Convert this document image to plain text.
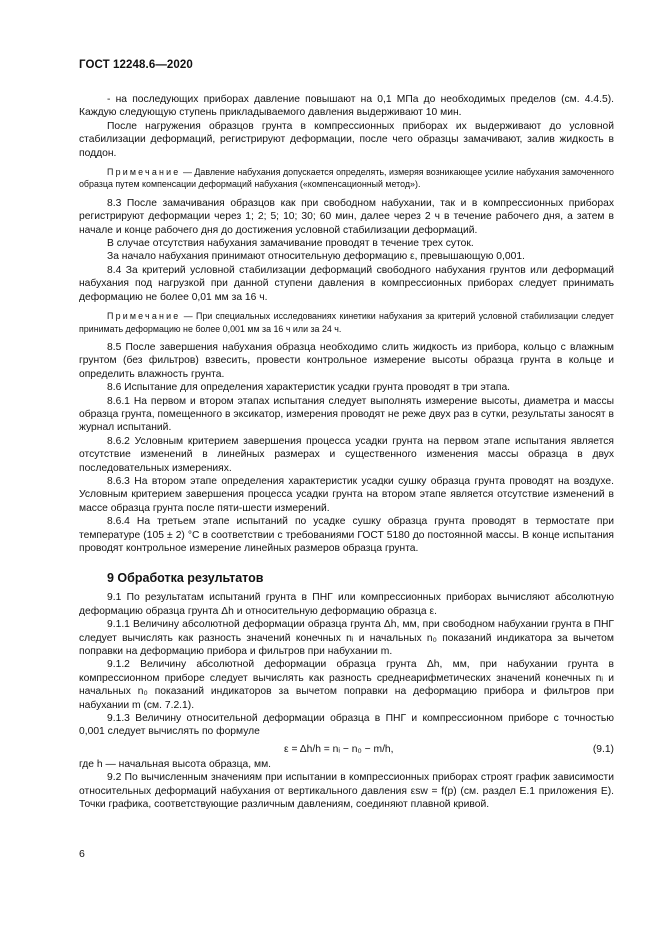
ГОСТ 12248.6—2020

- на последующих приборах давление повышают на 0,1 МПа до необходимых пределов (см. 4.4.5). Каждую следующую ступень прикладываемого давления выдерживают 10 мин.

После нагружения образцов грунта в компрессионных приборах их выдерживают до условной стабилизации деформаций, регистрируют деформации, после чего образцы замачивают, залив жидкость в поддон.

Примечание — Давление набухания допускается определять, измеряя возникающее усилие набухания замоченного образца путем компенсации деформаций набухания («компенсационный метод»).

8.3 После замачивания образцов как при свободном набухании, так и в компрессионных приборах регистрируют деформации через 1; 2; 5; 10; 30; 60 мин, далее через 2 ч в течение рабочего дня, а затем в начале и конце рабочего дня до достижения условной стабилизации деформаций.

В случае отсутствия набухания замачивание проводят в течение трех суток.

За начало набухания принимают относительную деформацию ε, превышающую 0,001.

8.4 За критерий условной стабилизации деформаций свободного набухания грунтов или деформаций набухания под нагрузкой при данной ступени давления в компрессионных приборах следует принимать деформацию не более 0,01 мм за 16 ч.

Примечание — При специальных исследованиях кинетики набухания за критерий условной стабилизации следует принимать деформацию не более 0,001 мм за 16 ч или за 24 ч.

8.5 После завершения набухания образца необходимо слить жидкость из прибора, кольцо с влажным грунтом (без фильтров) взвесить, провести контрольное измерение высоты образца грунта в кольце и определить влажность грунта.

8.6 Испытание для определения характеристик усадки грунта проводят в три этапа.

8.6.1 На первом и втором этапах испытания следует выполнять измерение высоты, диаметра и массы образца грунта, помещенного в эксикатор, измерения проводят не реже двух раз в сутки, результаты заносят в журнал испытаний.

8.6.2 Условным критерием завершения процесса усадки грунта на первом этапе испытания является отсутствие изменений в линейных размерах и существенного изменения массы образца в двух последовательных измерениях.

8.6.3 На втором этапе определения характеристик усадки сушку образца грунта проводят на воздухе. Условным критерием завершения процесса усадки грунта на втором этапе является отсутствие изменений в массе образца грунта после пяти-шести измерений.

8.6.4 На третьем этапе испытаний по усадке сушку образца грунта проводят в термостате при температуре (105 ± 2) °С в соответствии с требованиями ГОСТ 5180 до постоянной массы. В конце испытания проводят контрольное измерение линейных размеров образца грунта.

9 Обработка результатов

9.1 По результатам испытаний грунта в ПНГ или компрессионных приборах вычисляют абсолютную деформацию образца грунта Δh и относительную деформацию образца ε.

9.1.1 Величину абсолютной деформации образца грунта Δh, мм, при свободном набухании грунта в ПНГ следует вычислять как разность значений конечных nᵢ и начальных n₀ показаний индикатора за вычетом поправки на деформацию прибора и фильтров при набухании m.

9.1.2 Величину абсолютной деформации образца грунта Δh, мм, при набухании грунта в компрессионном приборе следует вычислять как разность среднеарифметических значений конечных nᵢ и начальных n₀ показаний индикаторов за вычетом поправки на деформацию прибора и фильтров при набухании m (см. 7.2.1).

9.1.3 Величину относительной деформации образца в ПНГ и компрессионном приборе с точностью 0,001 следует вычислять по формуле

ε = Δh/h = nᵢ − n₀ − m/h,	(9.1)

где h — начальная высота образца, мм.

9.2 По вычисленным значениям при испытании в компрессионных приборах строят график зависимости относительных деформаций набухания от вертикального давления εsw = f(p) (см. раздел Е.1 приложения Е). Точки графика, соответствующие различным давлениям, соединяют плавной кривой.

6
